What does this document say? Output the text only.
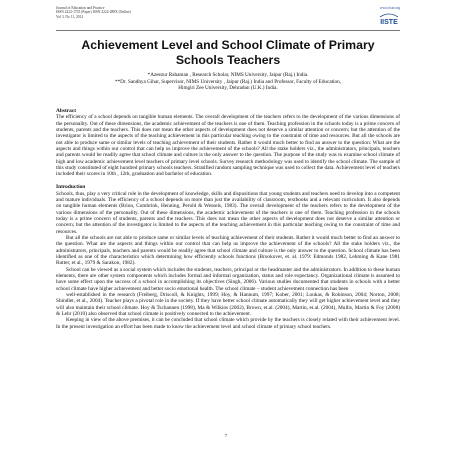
Journal of Education and Practice
ISSN 2222-1735 (Paper) ISSN 2222-288X (Online)
Vol 3, No 11, 2012
www.iiste.org
IISTE
Achievement Level and School Climate of Primary Schools Teachers

*Azeezur Rahaman , Research Scholar, NIMS University, Jaipur (Raj.) India.

**Dr. Sandhya Gihar, Supervisor, NIMS University , Jaipur (Raj.) India and Professor, Faculty of Education,

Himgiri Zee University, Dehradun (U.K.) India.

Abstract

The efficiency of a school depends on tangible human elements. The overall development of the teachers refers to the development of the various dimensions of the personality. Out of these dimensions, the academic achievement of the teachers is one of them. Teaching profession in the schools today is a prime concern of students, parents and the teachers. This does not mean the other aspects of development does not deserve a similar attention or concern; but the attention of the investigator is limited to the aspects of the teaching achievement in this particular teaching owing to the constraint of time and resources. But all the schools are not able to produce same or similar levels of teaching achievement of their students. Rather it would much better to find an answer to the question: What are the aspects and things within our control that can help us improve the achievement of the schools? All the stake holders viz., the administrators, principals, teachers and parents would be readily agree that school climate and culture is the only answer to the question. The purpose of the study was to examine school climate of high and low academic achievement level teachers of primary level schools. Survey research methodology was used to identify the school climate. The sample of this study constituted of eight hundred primary schools teachers. Stratified random sampling technique was used to collect the data. Achievement level of teachers included their scores in 10th , 12th, graduation and bachelor of education.

Introduction

Schools, thus, play a very critical role in the development of knowledge, skills and dispositions that young students and teachers need to develop into a competent and mature individuals. The efficiency of a school depends on more than just the availability of classroom, textbooks and a relevant curriculum. It also depends on tangible human elements (Brion, Combrink, Henning, Perold & Wessels, 1983). The overall development of the teachers refers to the development of the various dimensions of the personality. Out of these dimensions, the academic achievement of the teachers is one of them. Teaching profession in the schools today is a prime concern of students, parents and the teachers. This does not mean the other aspects of development does not deserve a similar attention or concern; but the attention of the investigator is limited to the aspects of the teaching achievement in this particular teaching owing to the constraint of time and resources.

But all the schools are not able to produce same or similar levels of teaching achievement of their students. Rather it would much better to find an answer to the question. What are the aspects and things within our control that can help us improve the achievement of the schools? All the stake holders viz., the administrators, principals, teachers and parents would be readily agree that school climate and culture is the only answer to the question. School climate has been identified as one of the characteristics which determining how efficiently schools functions (Brookover, et. al. 1979: Edmonds 1982, Lehming & Kane 1981 Rutter, et al., 1979 & Sarakon, 1982).

School can be viewed as a social system which includes the students, teachers, principal or the headmaster and the administrators. In addition to these human elements, there are other system components which includes formal and informal organization, status and role expectancy. Organizational climate is assumed to have some effect upon the success of a school in accomplishing its objectives (Singh, 2006). Various studies documented that students in schools with a better school climate have higher achievement and better socio emotional health. The school climate – student achievement connection has been

well-established in the research (Freiberg, Driscoll, & Knights, 1999; Hoy, & Hannum, 1997; Kober, 2001; Loukas, & Robinson, 2004; Norton, 2008; Shindler, et al., 2004). Teacher plays a pivotal role in the society. If they have better school climate automatically they will get higher achievement level and they will also maintain their school climate. Hoy & Tschannen (1998), Ma & Wilkins (2002), Brown, et.al. (2004), Martin, et.al. (2004), Mullis, Martin & Foy (2008) & Lehr (2010) also observed that school climate is positively connected to the achievement.

Keeping in view of the above premises, it can be concluded that school climate which provide by the teachers is closely related with their achievement level. In the present investigation an effort has been made to know the achievement level and school climate of primary school teachers.

7
